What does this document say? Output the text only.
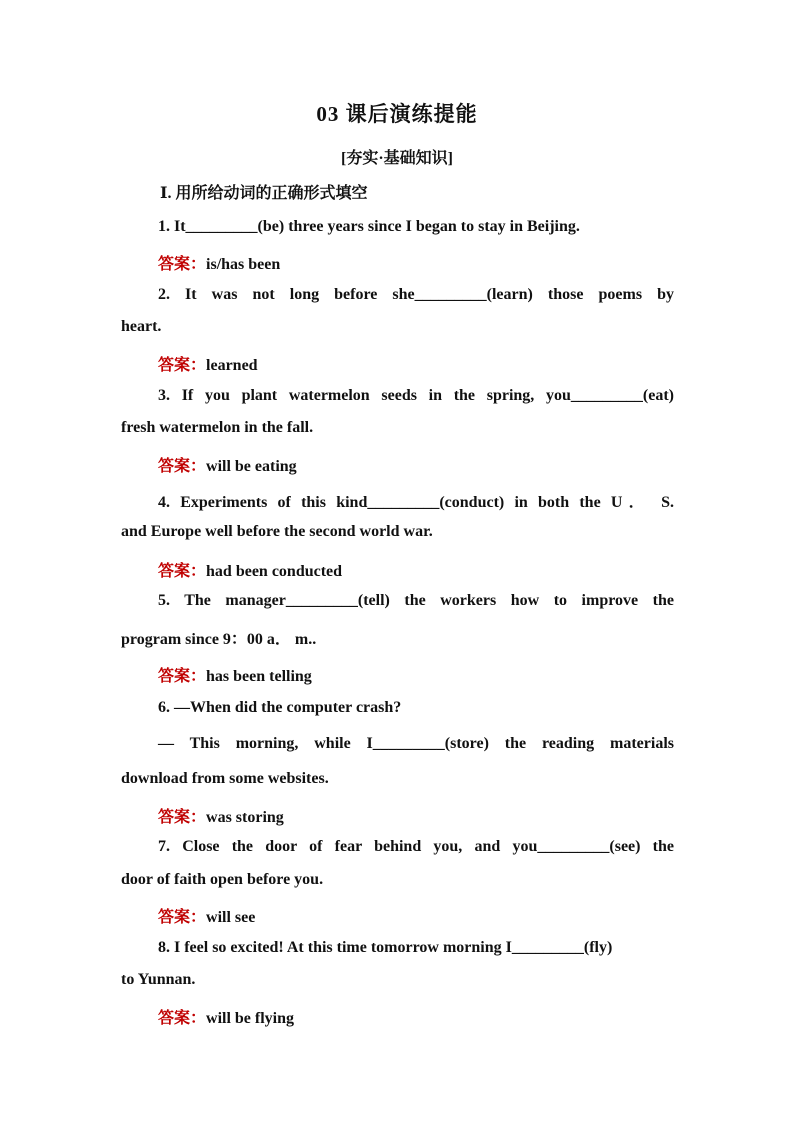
03 课后演练提能
[夯实·基础知识]
Ⅰ. 用所给动词的正确形式填空
1. It_________(be) three years since I began to stay in Beijing.
答案：is/has been
2. It was not long before she_________(learn) those poems by
heart.
答案：learned
3. If you plant watermelon seeds in the spring, you_________(eat)
fresh watermelon in the fall.
答案：will be eating
4. Experiments of this kind_________(conduct) in both the U． S.
and Europe well before the second world war.
答案：had been conducted
5. The manager_________(tell) the workers how to improve the
program since 9：00 a． m..
答案：has been telling
6. —When did the computer crash?
— This morning, while I_________(store) the reading materials
download from some websites.
答案：was storing
7. Close the door of fear behind you, and you_________(see) the
door of faith open before you.
答案：will see
8. I feel so excited! At this time tomorrow morning I_________(fly)
to Yunnan.
答案：will be flying
